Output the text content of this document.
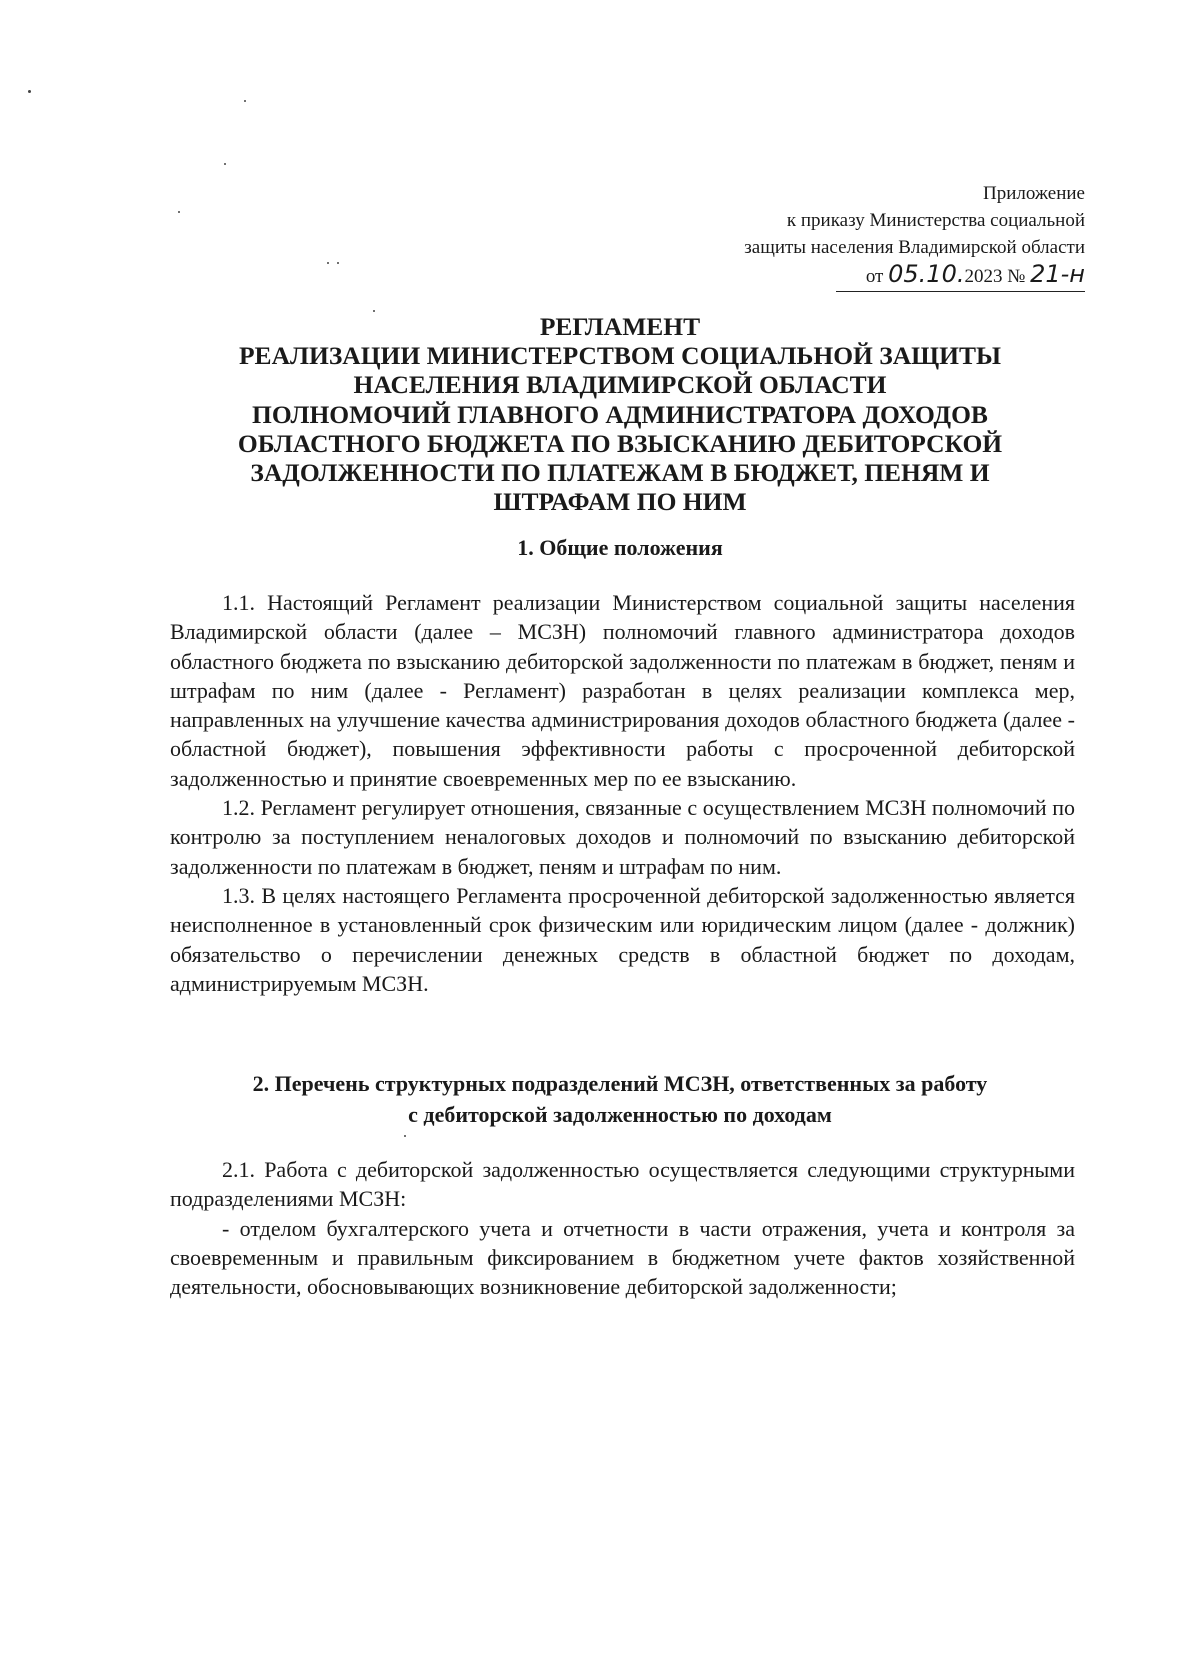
Приложение
к приказу Министерства социальной
защиты населения Владимирской области
от 05.10.2023 № 21-н
РЕГЛАМЕНТ
РЕАЛИЗАЦИИ МИНИСТЕРСТВОМ СОЦИАЛЬНОЙ ЗАЩИТЫ
НАСЕЛЕНИЯ ВЛАДИМИРСКОЙ ОБЛАСТИ
ПОЛНОМОЧИЙ ГЛАВНОГО АДМИНИСТРАТОРА ДОХОДОВ
ОБЛАСТНОГО БЮДЖЕТА ПО ВЗЫСКАНИЮ ДЕБИТОРСКОЙ
ЗАДОЛЖЕННОСТИ ПО ПЛАТЕЖАМ В БЮДЖЕТ, ПЕНЯМ И
ШТРАФАМ ПО НИМ
1. Общие положения

1.1. Настоящий Регламент реализации Министерством социальной защиты населения Владимирской области (далее – МСЗН) полномочий главного администратора доходов областного бюджета по взысканию дебиторской задолженности по платежам в бюджет, пеням и штрафам по ним (далее - Регламент) разработан в целях реализации комплекса мер, направленных на улучшение качества администрирования доходов областного бюджета (далее - областной бюджет), повышения эффективности работы с просроченной дебиторской задолженностью и принятие своевременных мер по ее взысканию.

1.2. Регламент регулирует отношения, связанные с осуществлением МСЗН полномочий по контролю за поступлением неналоговых доходов и полномочий по взысканию дебиторской задолженности по платежам в бюджет, пеням и штрафам по ним.

1.3. В целях настоящего Регламента просроченной дебиторской задолженностью является неисполненное в установленный срок физическим или юридическим лицом (далее - должник) обязательство о перечислении денежных средств в областной бюджет по доходам, администрируемым МСЗН.

2. Перечень структурных подразделений МСЗН, ответственных за работу
с дебиторской задолженностью по доходам

2.1. Работа с дебиторской задолженностью осуществляется следующими структурными подразделениями МСЗН:

- отделом бухгалтерского учета и отчетности в части отражения, учета и контроля за своевременным и правильным фиксированием в бюджетном учете фактов хозяйственной деятельности, обосновывающих возникновение дебиторской задолженности;
